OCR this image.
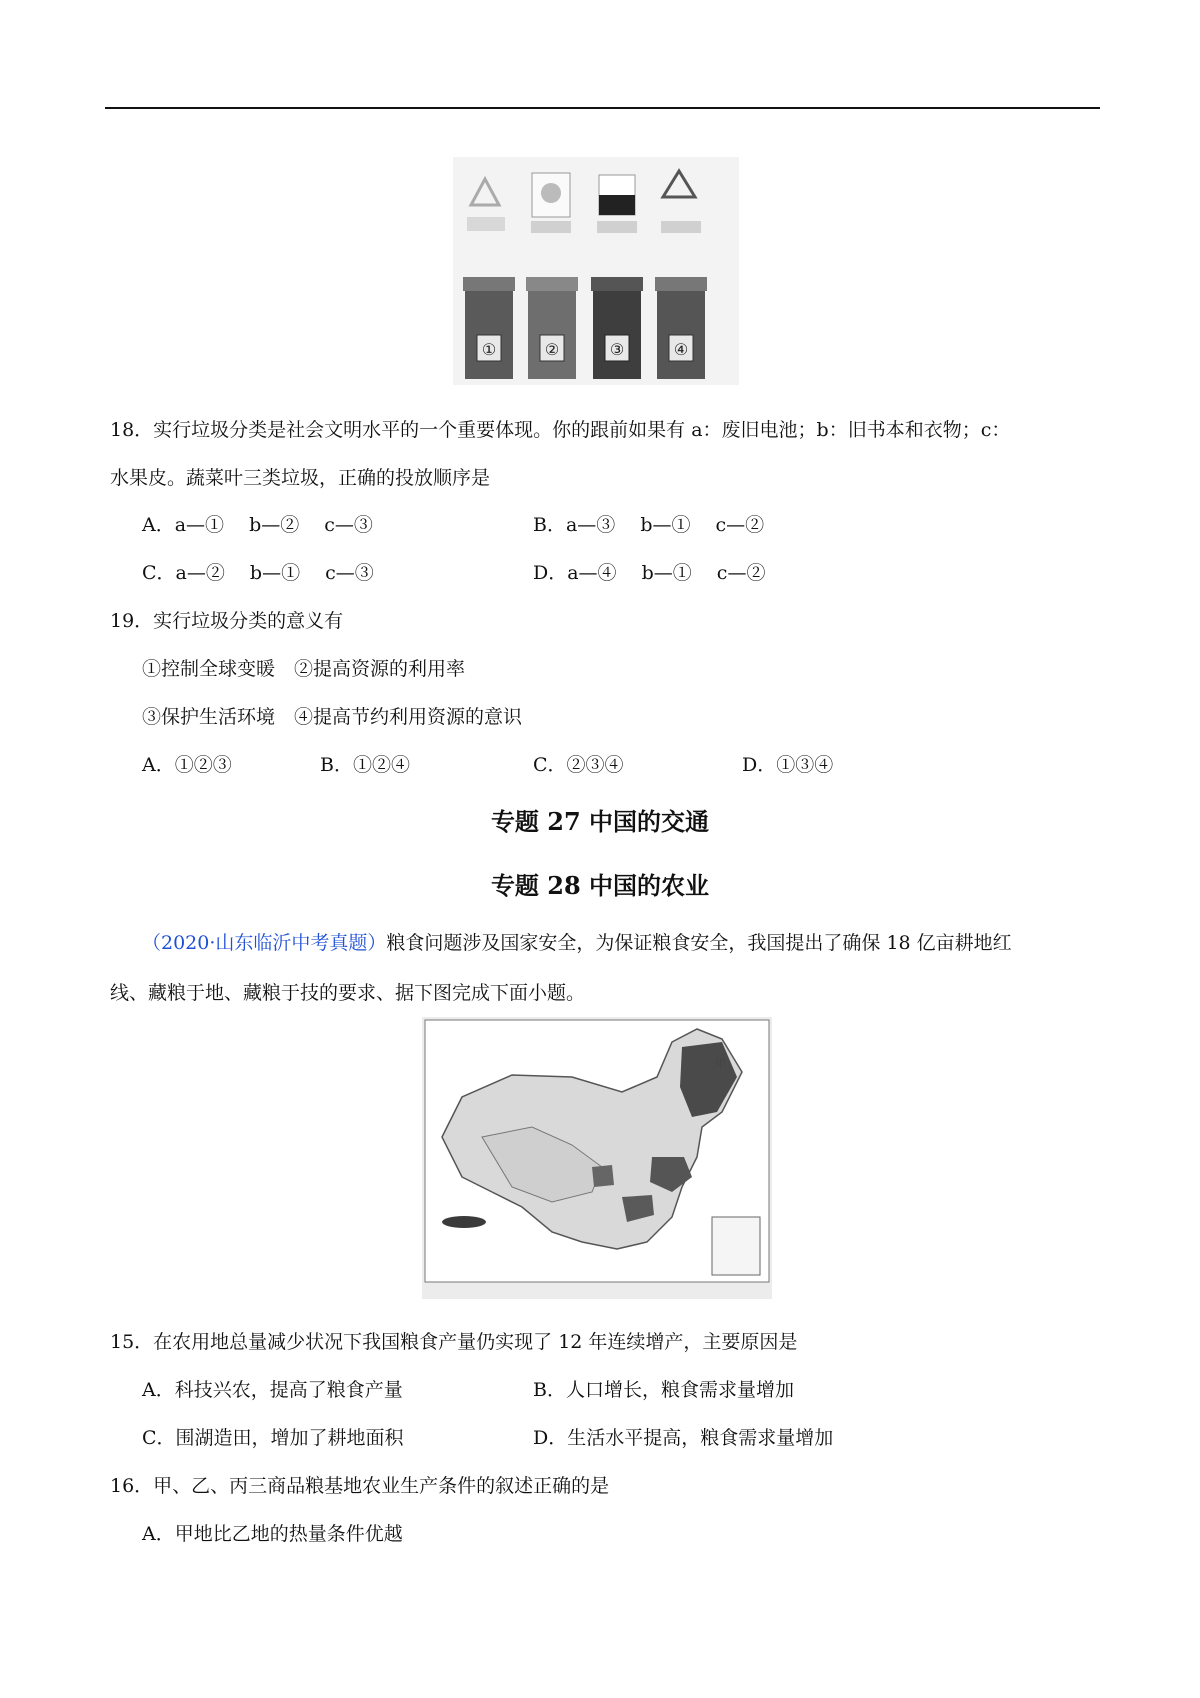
①	②	③	④
18．实行垃圾分类是社会文明水平的一个重要体现。你的跟前如果有 a：废旧电池；b：旧书本和衣物；c：
水果皮。蔬菜叶三类垃圾，正确的投放顺序是
A．a—①　 b—②　 c—③	B．a—③　 b—①　 c—②
C．a—②　 b—①　 c—③	D．a—④　 b—①　 c—②
19．实行垃圾分类的意义有
①控制全球变暖　②提高资源的利用率
③保护生活环境　④提高节约利用资源的意识
A．①②③	B．①②④	C．②③④	D．①③④
专题 27 中国的交通
专题 28 中国的农业
（2020·山东临沂中考真题）粮食问题涉及国家安全，为保证粮食安全，我国提出了确保 18 亿亩耕地红
线、藏粮于地、藏粮于技的要求、据下图完成下面小题。
甲
15．在农用地总量减少状况下我国粮食产量仍实现了 12 年连续增产，主要原因是
A．科技兴农，提高了粮食产量	B．人口增长，粮食需求量增加
C．围湖造田，增加了耕地面积	D．生活水平提高，粮食需求量增加
16．甲、乙、丙三商品粮基地农业生产条件的叙述正确的是
A．甲地比乙地的热量条件优越
